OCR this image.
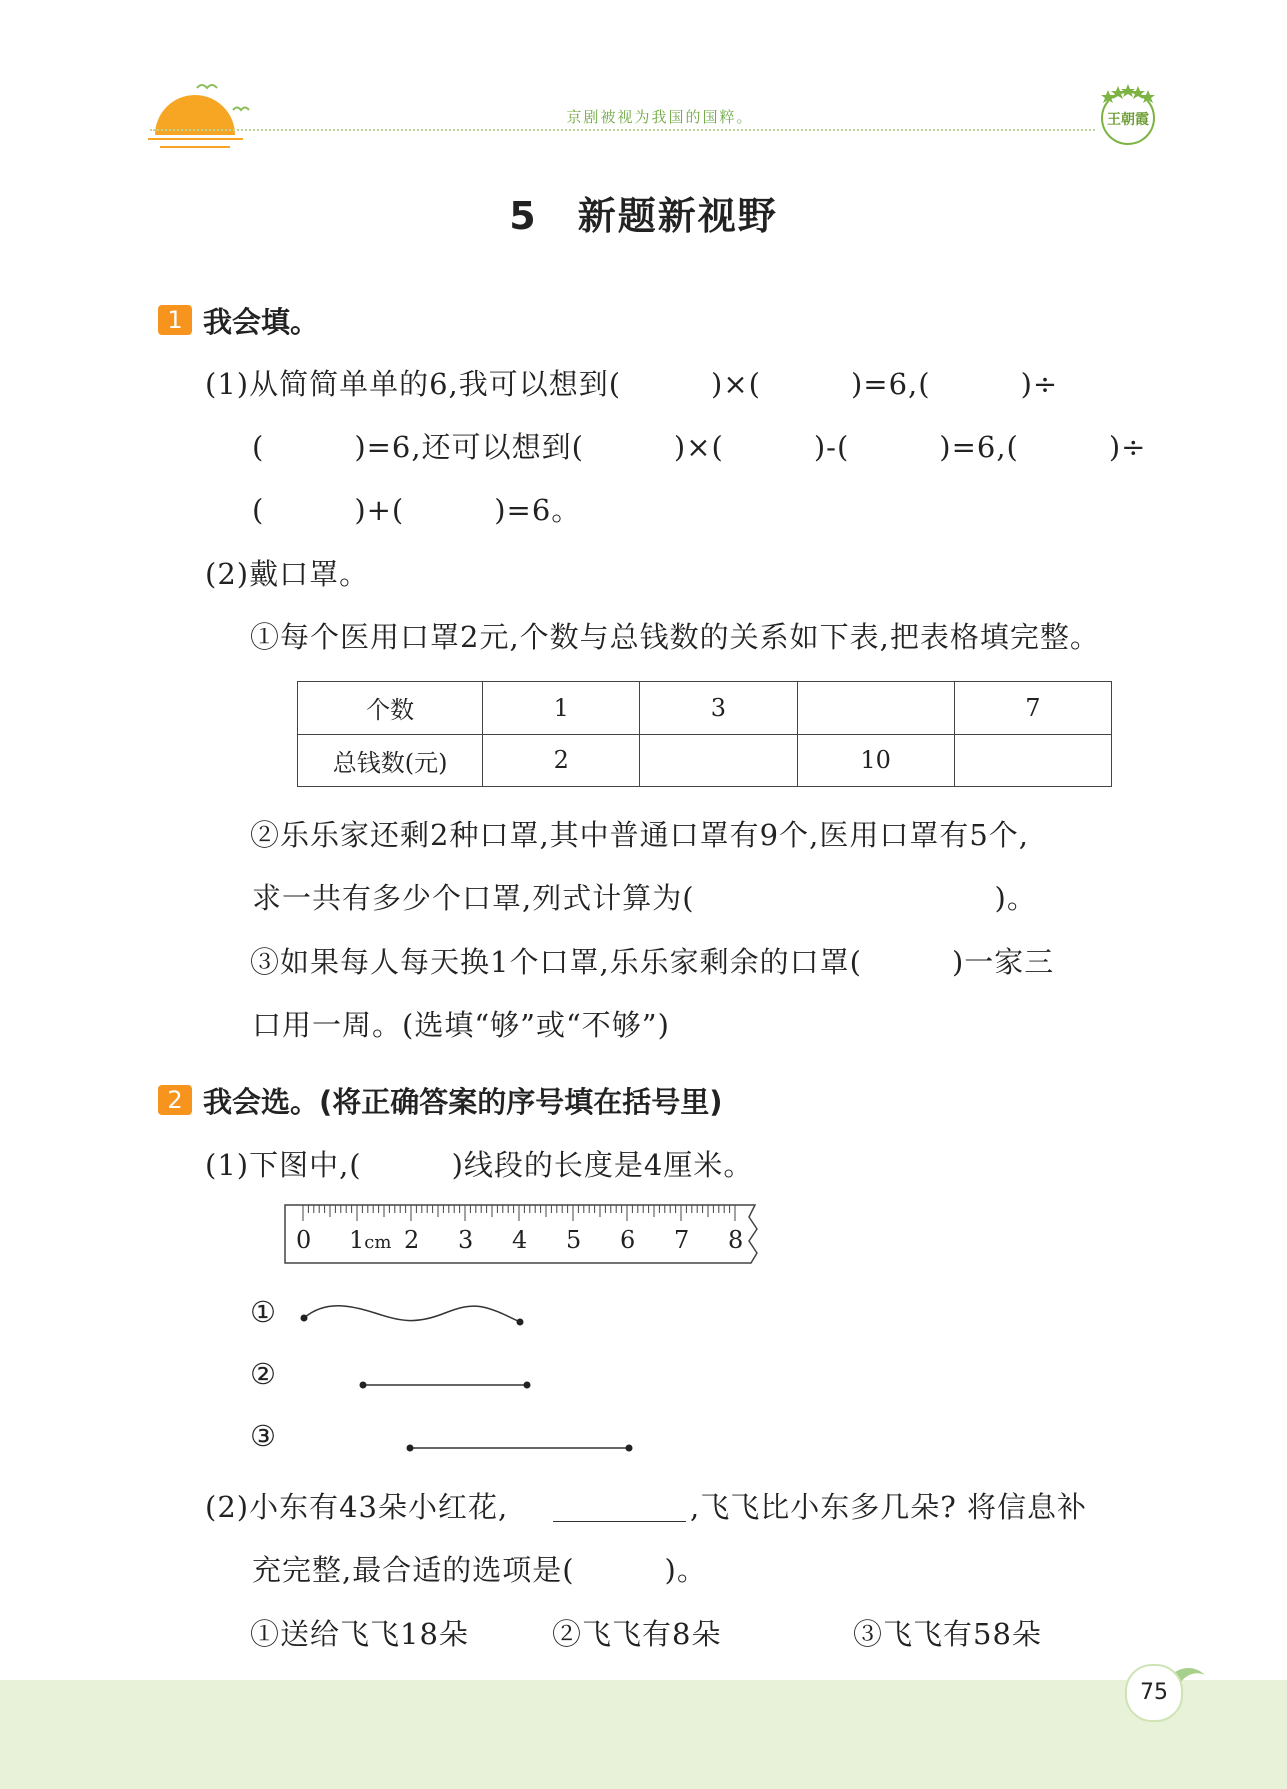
京剧被视为我国的国粹。	王朝霞
5　新题新视野
1 我会填。
(1)从简简单单的6,我可以想到(　　　)×(　　　)=6,(　　　)÷
(　　　)=6,还可以想到(　　　)×(　　　)-(　　　)=6,(　　　)÷
(　　　)+(　　　)=6。
(2)戴口罩。
①每个医用口罩2元,个数与总钱数的关系如下表,把表格填完整。
个数	1	3		7
总钱数(元)	2		10	
②乐乐家还剩2种口罩,其中普通口罩有9个,医用口罩有5个,
求一共有多少个口罩,列式计算为(　　　　　　　　　　)。
③如果每人每天换1个口罩,乐乐家剩余的口罩(　　　)一家三
口用一周。(选填“够”或“不够”)
2 我会选。(将正确答案的序号填在括号里)
(1)下图中,(　　　)线段的长度是4厘米。
0 1cm 2 3 4 5 6 7 8
①
②
③
(2)小东有43朵小红花,	,飞飞比小东多几朵? 将信息补
充完整,最合适的选项是(　　　)。
①送给飞飞18朵	②飞飞有8朵	③飞飞有58朵
75
